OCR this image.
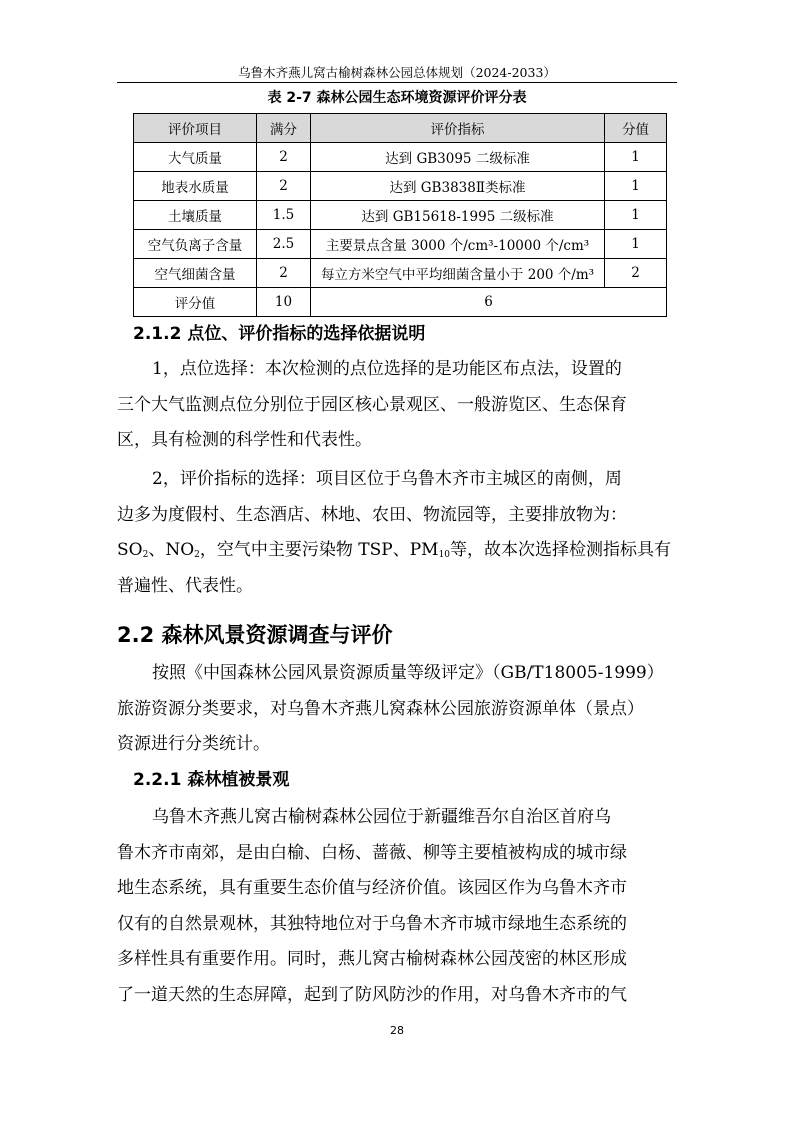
乌鲁木齐燕儿窝古榆树森林公园总体规划（2024-2033）
表 2-7 森林公园生态环境资源评价评分表
评价项目	满分	评价指标	分值
大气质量	2	达到 GB3095 二级标准	1
地表水质量	2	达到 GB3838Ⅱ类标准	1
土壤质量	1.5	达到 GB15618-1995 二级标准	1
空气负离子含量	2.5	主要景点含量 3000 个/cm³-10000 个/cm³	1
空气细菌含量	2	每立方米空气中平均细菌含量小于 200 个/m³	2
评分值	10	6	
2.1.2 点位、评价指标的选择依据说明
1，点位选择：本次检测的点位选择的是功能区布点法，设置的
三个大气监测点位分别位于园区核心景观区、一般游览区、生态保育
区，具有检测的科学性和代表性。
2，评价指标的选择：项目区位于乌鲁木齐市主城区的南侧，周
边多为度假村、生态酒店、林地、农田、物流园等，主要排放物为：
$SO_2$、$NO_2$，空气中主要污染物 TSP、$PM_{10}$等，故本次选择检测指标具有
普遍性、代表性。
2.2 森林风景资源调查与评价
按照《中国森林公园风景资源质量等级评定》（GB/T18005-1999）
旅游资源分类要求，对乌鲁木齐燕儿窝森林公园旅游资源单体（景点）
资源进行分类统计。
2.2.1 森林植被景观
乌鲁木齐燕儿窝古榆树森林公园位于新疆维吾尔自治区首府乌
鲁木齐市南郊，是由白榆、白杨、蔷薇、柳等主要植被构成的城市绿
地生态系统，具有重要生态价值与经济价值。该园区作为乌鲁木齐市
仅有的自然景观林，其独特地位对于乌鲁木齐市城市绿地生态系统的
多样性具有重要作用。同时，燕儿窝古榆树森林公园茂密的林区形成
了一道天然的生态屏障，起到了防风防沙的作用，对乌鲁木齐市的气
28
